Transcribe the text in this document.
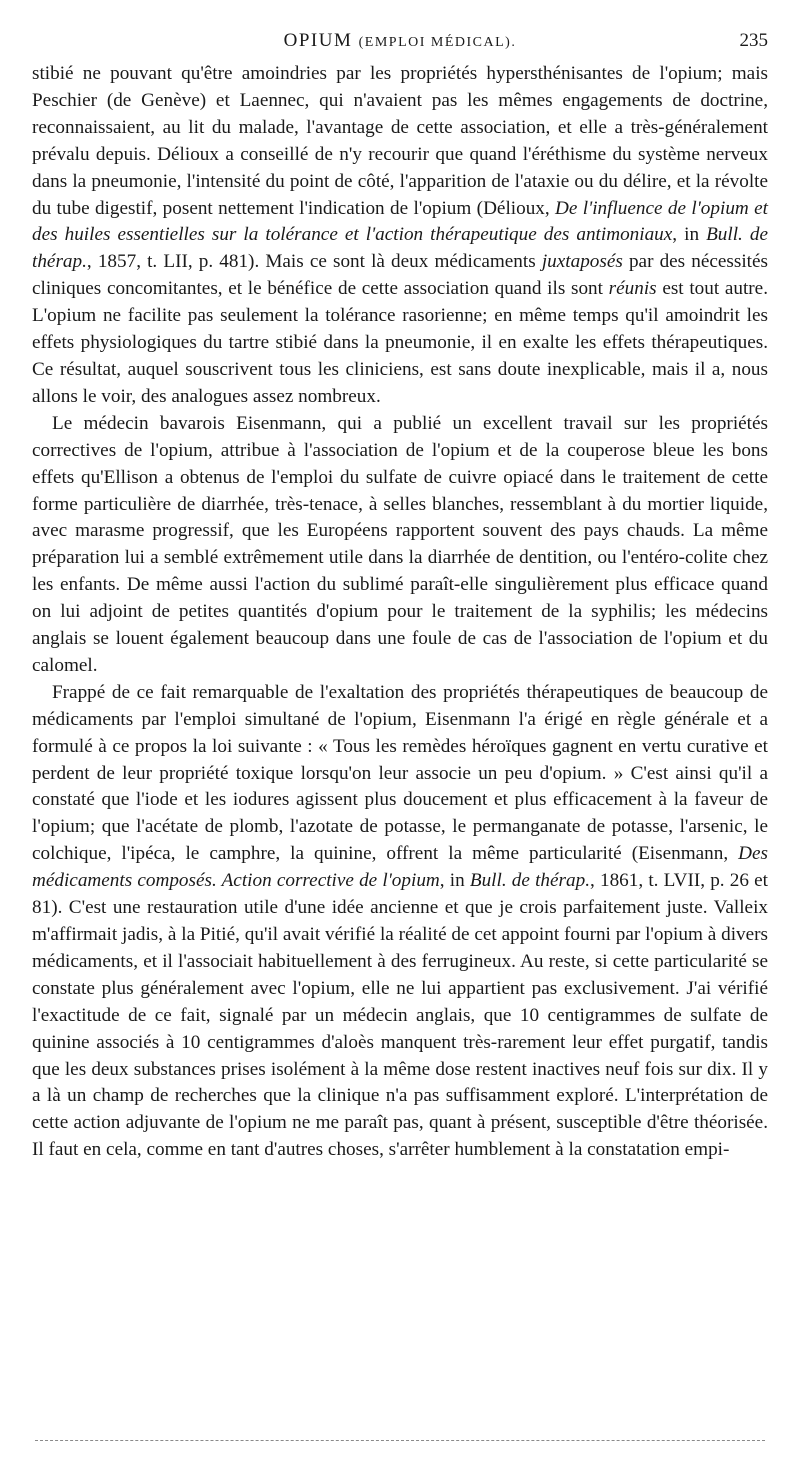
OPIUM (EMPLOI MÉDICAL).	235

stibié ne pouvant qu'être amoindries par les propriétés hypersthénisantes de l'opium; mais Peschier (de Genève) et Laennec, qui n'avaient pas les mêmes engagements de doctrine, reconnaissaient, au lit du malade, l'avantage de cette association, et elle a très-généralement prévalu depuis. Délioux a conseillé de n'y recourir que quand l'éréthisme du système nerveux dans la pneumonie, l'intensité du point de côté, l'apparition de l'ataxie ou du délire, et la révolte du tube digestif, posent nettement l'indication de l'opium (Délioux, De l'influence de l'opium et des huiles essentielles sur la tolérance et l'action thérapeutique des antimoniaux, in Bull. de thérap., 1857, t. LII, p. 481). Mais ce sont là deux médicaments juxtaposés par des nécessités cliniques concomitantes, et le bénéfice de cette association quand ils sont réunis est tout autre. L'opium ne facilite pas seulement la tolérance rasorienne; en même temps qu'il amoindrit les effets physiologiques du tartre stibié dans la pneumonie, il en exalte les effets thérapeutiques. Ce résultat, auquel souscrivent tous les cliniciens, est sans doute inexplicable, mais il a, nous allons le voir, des analogues assez nombreux.

Le médecin bavarois Eisenmann, qui a publié un excellent travail sur les propriétés correctives de l'opium, attribue à l'association de l'opium et de la couperose bleue les bons effets qu'Ellison a obtenus de l'emploi du sulfate de cuivre opiacé dans le traitement de cette forme particulière de diarrhée, très-tenace, à selles blanches, ressemblant à du mortier liquide, avec marasme progressif, que les Européens rapportent souvent des pays chauds. La même préparation lui a semblé extrêmement utile dans la diarrhée de dentition, ou l'entéro-colite chez les enfants. De même aussi l'action du sublimé paraît-elle singulièrement plus efficace quand on lui adjoint de petites quantités d'opium pour le traitement de la syphilis; les médecins anglais se louent également beaucoup dans une foule de cas de l'association de l'opium et du calomel.

Frappé de ce fait remarquable de l'exaltation des propriétés thérapeutiques de beaucoup de médicaments par l'emploi simultané de l'opium, Eisenmann l'a érigé en règle générale et a formulé à ce propos la loi suivante : « Tous les remèdes héroïques gagnent en vertu curative et perdent de leur propriété toxique lorsqu'on leur associe un peu d'opium. » C'est ainsi qu'il a constaté que l'iode et les iodures agissent plus doucement et plus efficacement à la faveur de l'opium; que l'acétate de plomb, l'azotate de potasse, le permanganate de potasse, l'arsenic, le colchique, l'ipéca, le camphre, la quinine, offrent la même particularité (Eisenmann, Des médicaments composés. Action corrective de l'opium, in Bull. de thérap., 1861, t. LVII, p. 26 et 81). C'est une restauration utile d'une idée ancienne et que je crois parfaitement juste. Valleix m'affirmait jadis, à la Pitié, qu'il avait vérifié la réalité de cet appoint fourni par l'opium à divers médicaments, et il l'associait habituellement à des ferrugineux. Au reste, si cette particularité se constate plus généralement avec l'opium, elle ne lui appartient pas exclusivement. J'ai vérifié l'exactitude de ce fait, signalé par un médecin anglais, que 10 centigrammes de sulfate de quinine associés à 10 centigrammes d'aloès manquent très-rarement leur effet purgatif, tandis que les deux substances prises isolément à la même dose restent inactives neuf fois sur dix. Il y a là un champ de recherches que la clinique n'a pas suffisamment exploré. L'interprétation de cette action adjuvante de l'opium ne me paraît pas, quant à présent, susceptible d'être théorisée. Il faut en cela, comme en tant d'autres choses, s'arrêter humblement à la constatation empi-
